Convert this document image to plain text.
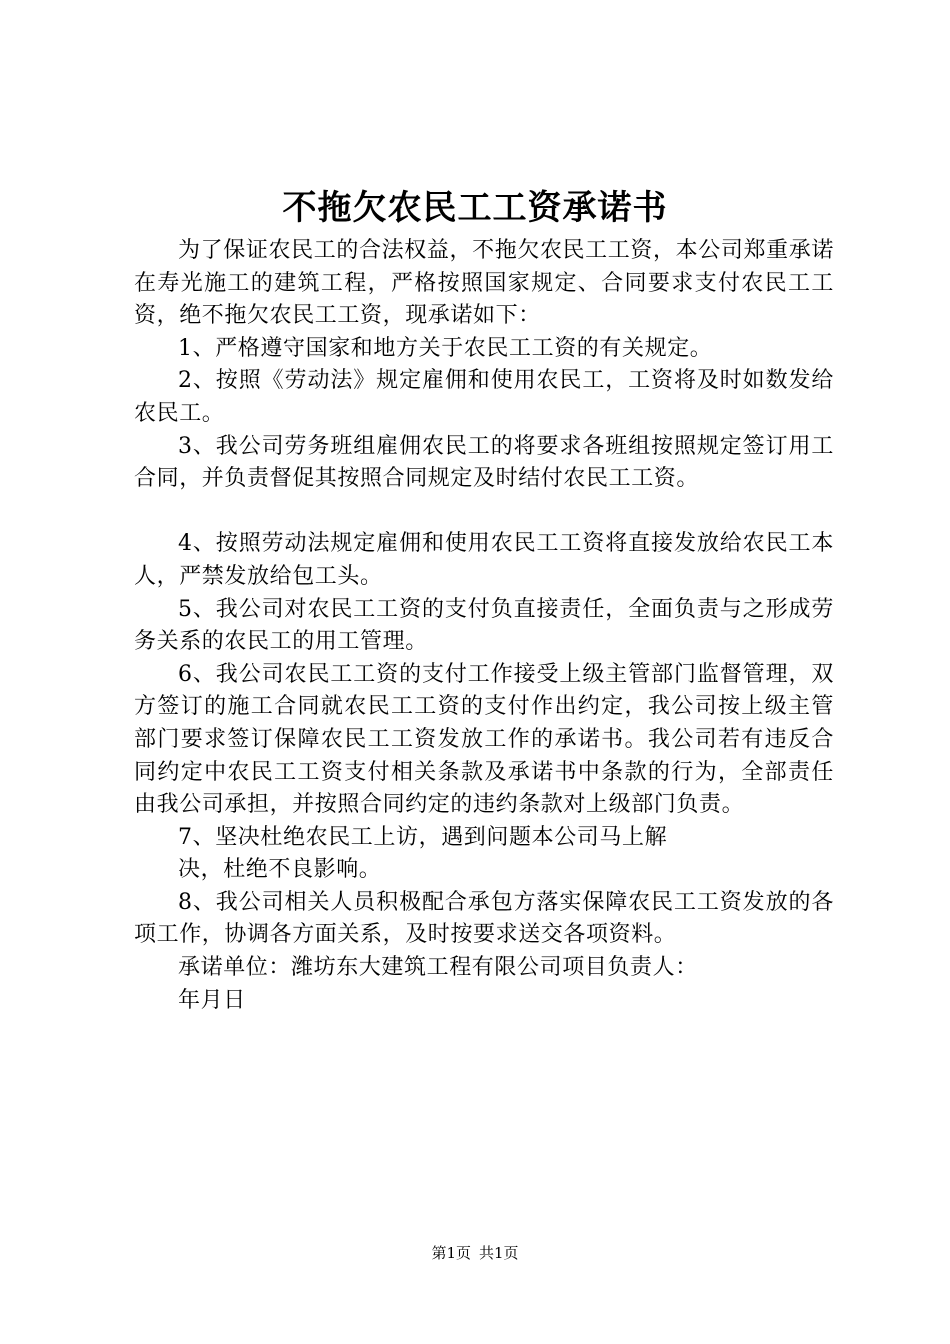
不拖欠农民工工资承诺书

为了保证农民工的合法权益，不拖欠农民工工资，本公司郑重承诺在寿光施工的建筑工程，严格按照国家规定、合同要求支付农民工工资，绝不拖欠农民工工资，现承诺如下：

1、严格遵守国家和地方关于农民工工资的有关规定。

2、按照《劳动法》规定雇佣和使用农民工，工资将及时如数发给农民工。

3、我公司劳务班组雇佣农民工的将要求各班组按照规定签订用工合同，并负责督促其按照合同规定及时结付农民工工资。

4、按照劳动法规定雇佣和使用农民工工资将直接发放给农民工本人，严禁发放给包工头。

5、我公司对农民工工资的支付负直接责任，全面负责与之形成劳务关系的农民工的用工管理。

6、我公司农民工工资的支付工作接受上级主管部门监督管理，双方签订的施工合同就农民工工资的支付作出约定，我公司按上级主管部门要求签订保障农民工工资发放工作的承诺书。我公司若有违反合同约定中农民工工资支付相关条款及承诺书中条款的行为，全部责任由我公司承担，并按照合同约定的违约条款对上级部门负责。

7、坚决杜绝农民工上访，遇到问题本公司马上解

决，杜绝不良影响。

8、我公司相关人员积极配合承包方落实保障农民工工资发放的各项工作，协调各方面关系，及时按要求送交各项资料。

承诺单位：潍坊东大建筑工程有限公司项目负责人：

年月日

第1页 共1页
